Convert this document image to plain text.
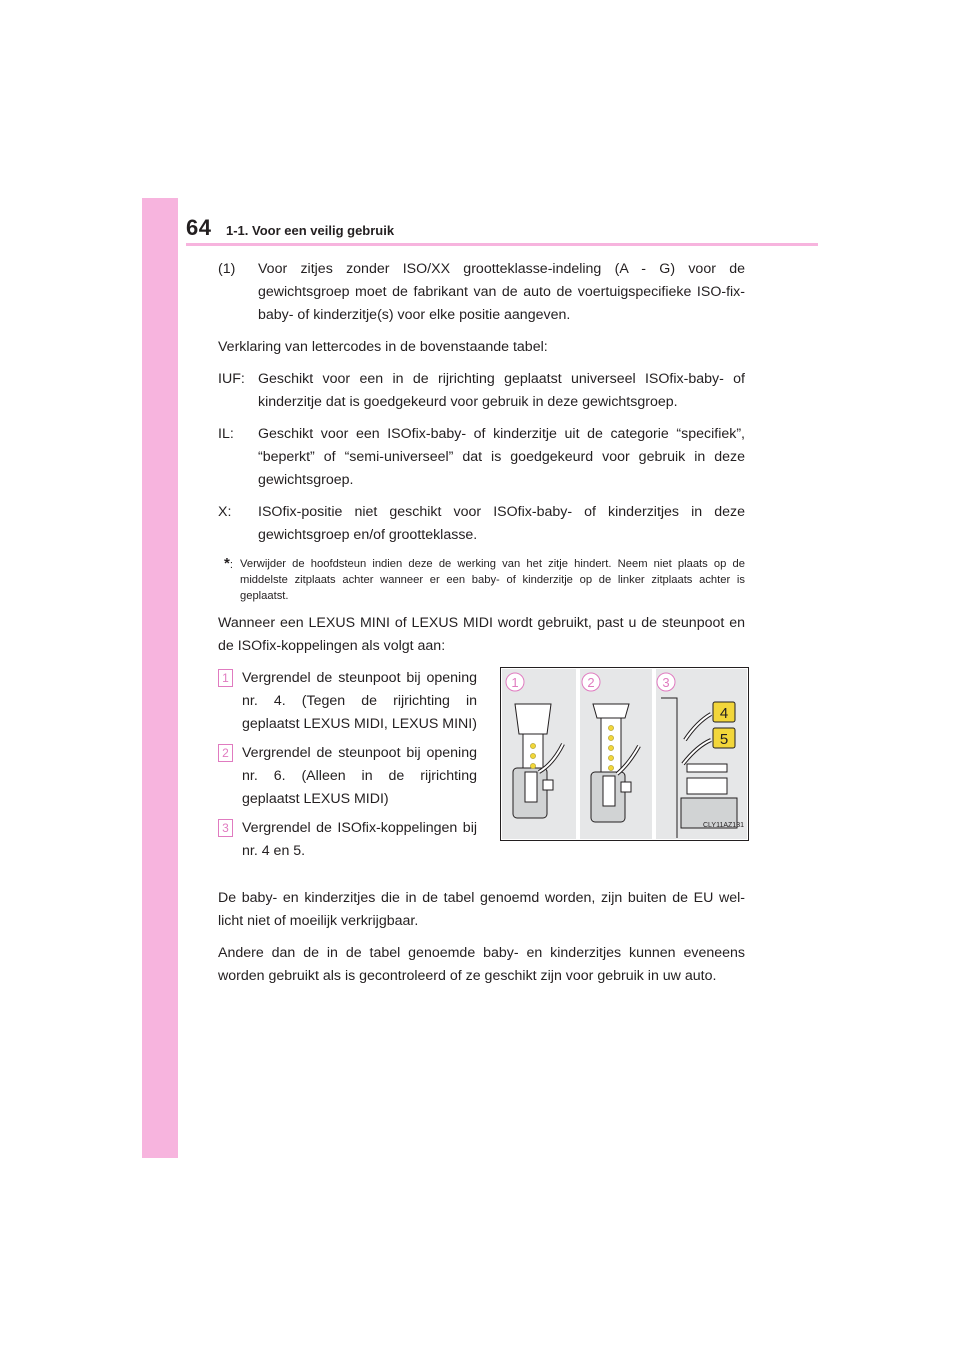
64 1-1. Voor een veilig gebruik
(1) Voor zitjes zonder ISO/XX grootteklasse-indeling (A - G) voor de gewichtsgroep moet de fabrikant van de auto de voertuigspecifieke ISO-fix-baby- of kinderzitje(s) voor elke positie aangeven.
Verklaring van lettercodes in de bovenstaande tabel:
IUF: Geschikt voor een in de rijrichting geplaatst universeel ISOfix-baby- of kinderzitje dat is goedgekeurd voor gebruik in deze gewichtsgroep.
IL: Geschikt voor een ISOfix-baby- of kinderzitje uit de categorie “specifiek”, “beperkt” of “semi-universeel” dat is goedgekeurd voor gebruik in deze gewichtsgroep.
X: ISOfix-positie niet geschikt voor ISOfix-baby- of kinderzitjes in deze gewichtsgroep en/of grootteklasse.
*: Verwijder de hoofdsteun indien deze de werking van het zitje hindert. Neem niet plaats op de middelste zitplaats achter wanneer er een baby- of kinderzitje op de linker zitplaats achter is geplaatst.
Wanneer een LEXUS MINI of LEXUS MIDI wordt gebruikt, past u de steunpoot en de ISOfix-koppelingen als volgt aan:
1 Vergrendel de steunpoot bij opening nr. 4. (Tegen de rijrichting in geplaatst LEXUS MIDI, LEXUS MINI)
2 Vergrendel de steunpoot bij opening nr. 6. (Alleen in de rijrichting geplaatst LEXUS MIDI)
3 Vergrendel de ISOfix-koppelingen bij nr. 4 en 5.
4
5
1	2	3
CLY11AZ131
De baby- en kinderzitjes die in de tabel genoemd worden, zijn buiten de EU wel-licht niet of moeilijk verkrijgbaar.
Andere dan de in de tabel genoemde baby- en kinderzitjes kunnen eveneens worden gebruikt als is gecontroleerd of ze geschikt zijn voor gebruik in uw auto.
